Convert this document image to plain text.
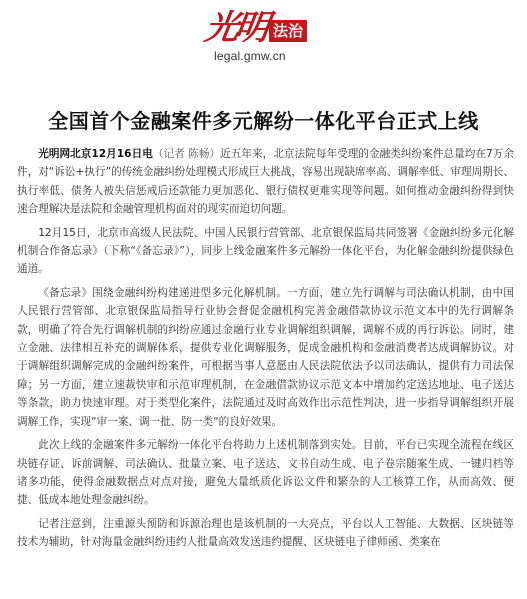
光明 法治
legal.gmw.cn
全国首个金融案件多元解纷一体化平台正式上线

光明网北京12月16日电（记者 陈畅）近五年来，北京法院每年受理的金融类纠纷案件总量均在7万余件，对“诉讼+执行”的传统金融纠纷处理模式形成巨大挑战，容易出现缺席率高、调解率低、审理周期长、执行率低、债务人被失信惩戒后还款能力更加恶化、银行债权更难实现等问题。如何推动金融纠纷得到快速合理解决是法院和金融管理机构面对的现实而迫切问题。

12月15日，北京市高级人民法院、中国人民银行营管部、北京银保监局共同签署《金融纠纷多元化解机制合作备忘录》（下称“《备忘录》”），同步上线金融案件多元解纷一体化平台，为化解金融纠纷提供绿色通道。

《备忘录》围绕金融纠纷构建递进型多元化解机制。一方面，建立先行调解与司法确认机制，由中国人民银行营管部、北京银保监局指导行业协会督促金融机构完善金融借款协议示范文本中的先行调解条款，明确了符合先行调解机制的纠纷应通过金融行业专业调解组织调解，调解不成的再行诉讼。同时，建立金融、法律相互补充的调解体系，提供专业化调解服务，促成金融机构和金融消费者达成调解协议。对于调解组织调解完成的金融纠纷案件，可根据当事人意愿由人民法院依法予以司法确认，提供有力司法保障；另一方面，建立速裁快审和示范审理机制，在金融借款协议示范文本中增加约定送达地址、电子送达等条款，助力快速审理。对于类型化案件，法院通过及时高效作出示范性判决，进一步指导调解组织开展调解工作，实现“审一案、调一批、防一类”的良好效果。

此次上线的金融案件多元解纷一体化平台将助力上述机制落到实处。目前，平台已实现全流程在线区块链存证、诉前调解、司法确认、批量立案、电子送达、文书自动生成、电子卷宗随案生成、一键归档等诸多功能，使得金融数据点对点对接，避免大量纸质化诉讼文件和繁杂的人工核算工作，从而高效、便捷、低成本地处理金融纠纷。

记者注意到，注重源头预防和诉源治理也是该机制的一大亮点，平台以人工智能、大数据、区块链等技术为辅助，针对海量金融纠纷违约人批量高效发送违约提醒、区块链电子律师函、类案在
